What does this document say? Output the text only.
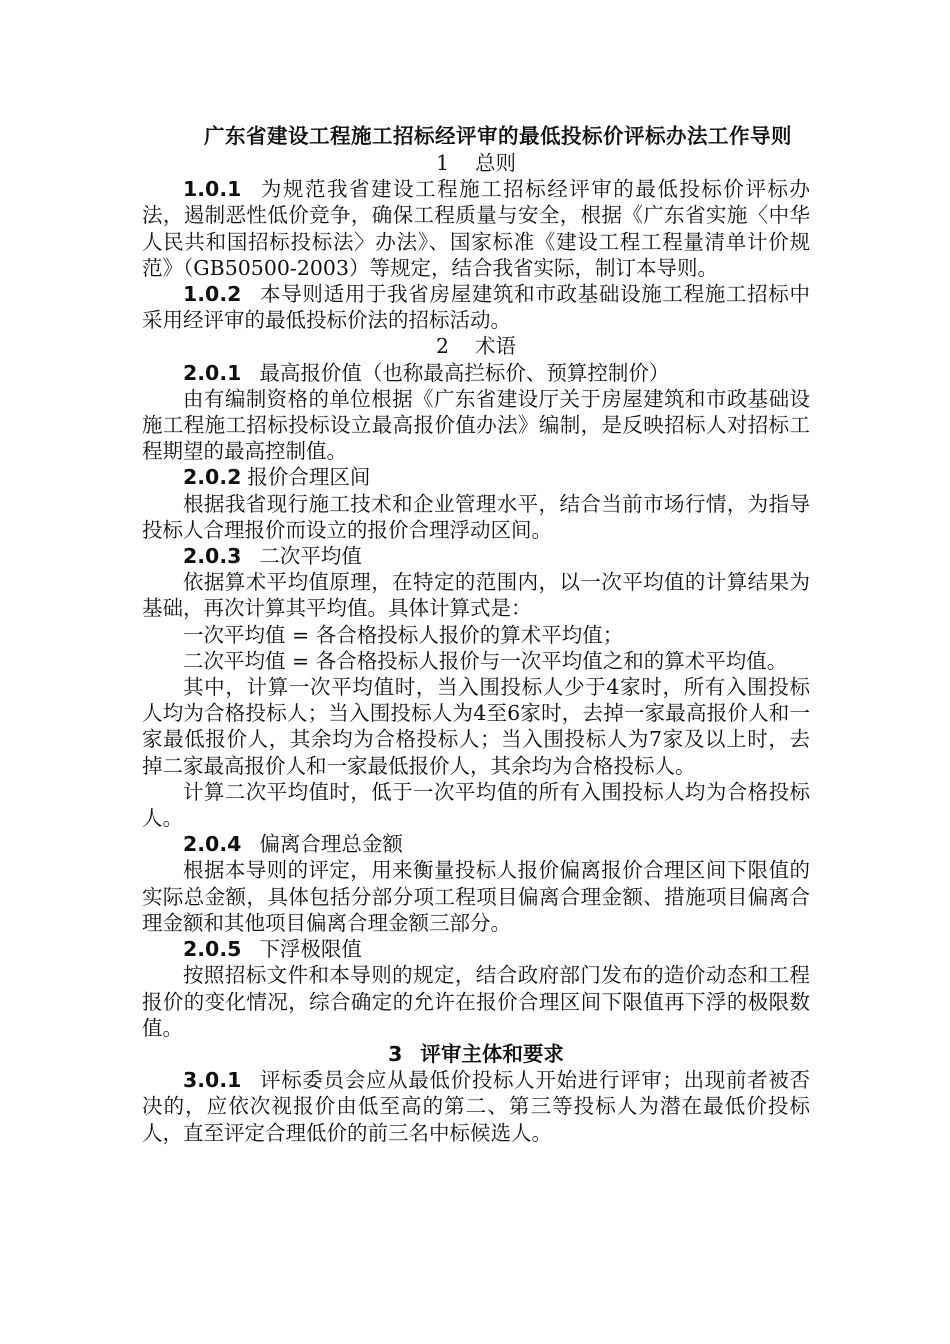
广东省建设工程施工招标经评审的最低投标价评标办法工作导则
1 总则

1.0.1 为规范我省建设工程施工招标经评审的最低投标价评标办法，遏制恶性低价竞争，确保工程质量与安全，根据《广东省实施〈中华人民共和国招标投标法〉办法》、国家标准《建设工程工程量清单计价规范》（GB50500-2003）等规定，结合我省实际，制订本导则。

1.0.2 本导则适用于我省房屋建筑和市政基础设施工程施工招标中采用经评审的最低投标价法的招标活动。

2 术语

2.0.1 最高报价值（也称最高拦标价、预算控制价）

由有编制资格的单位根据《广东省建设厅关于房屋建筑和市政基础设施工程施工招标投标设立最高报价值办法》编制，是反映招标人对招标工程期望的最高控制值。

2.0.2 报价合理区间

根据我省现行施工技术和企业管理水平，结合当前市场行情，为指导投标人合理报价而设立的报价合理浮动区间。

2.0.3 二次平均值

依据算术平均值原理，在特定的范围内，以一次平均值的计算结果为基础，再次计算其平均值。具体计算式是：

一次平均值 = 各合格投标人报价的算术平均值；

二次平均值 = 各合格投标人报价与一次平均值之和的算术平均值。

其中，计算一次平均值时，当入围投标人少于4家时，所有入围投标人均为合格投标人；当入围投标人为4至6家时，去掉一家最高报价人和一家最低报价人，其余均为合格投标人；当入围投标人为7家及以上时，去掉二家最高报价人和一家最低报价人，其余均为合格投标人。

计算二次平均值时，低于一次平均值的所有入围投标人均为合格投标人。

2.0.4 偏离合理总金额

根据本导则的评定，用来衡量投标人报价偏离报价合理区间下限值的实际总金额，具体包括分部分项工程项目偏离合理金额、措施项目偏离合理金额和其他项目偏离合理金额三部分。

2.0.5 下浮极限值

按照招标文件和本导则的规定，结合政府部门发布的造价动态和工程报价的变化情况，综合确定的允许在报价合理区间下限值再下浮的极限数值。

3 评审主体和要求

3.0.1 评标委员会应从最低价投标人开始进行评审；出现前者被否决的，应依次视报价由低至高的第二、第三等投标人为潜在最低价投标人，直至评定合理低价的前三名中标候选人。
